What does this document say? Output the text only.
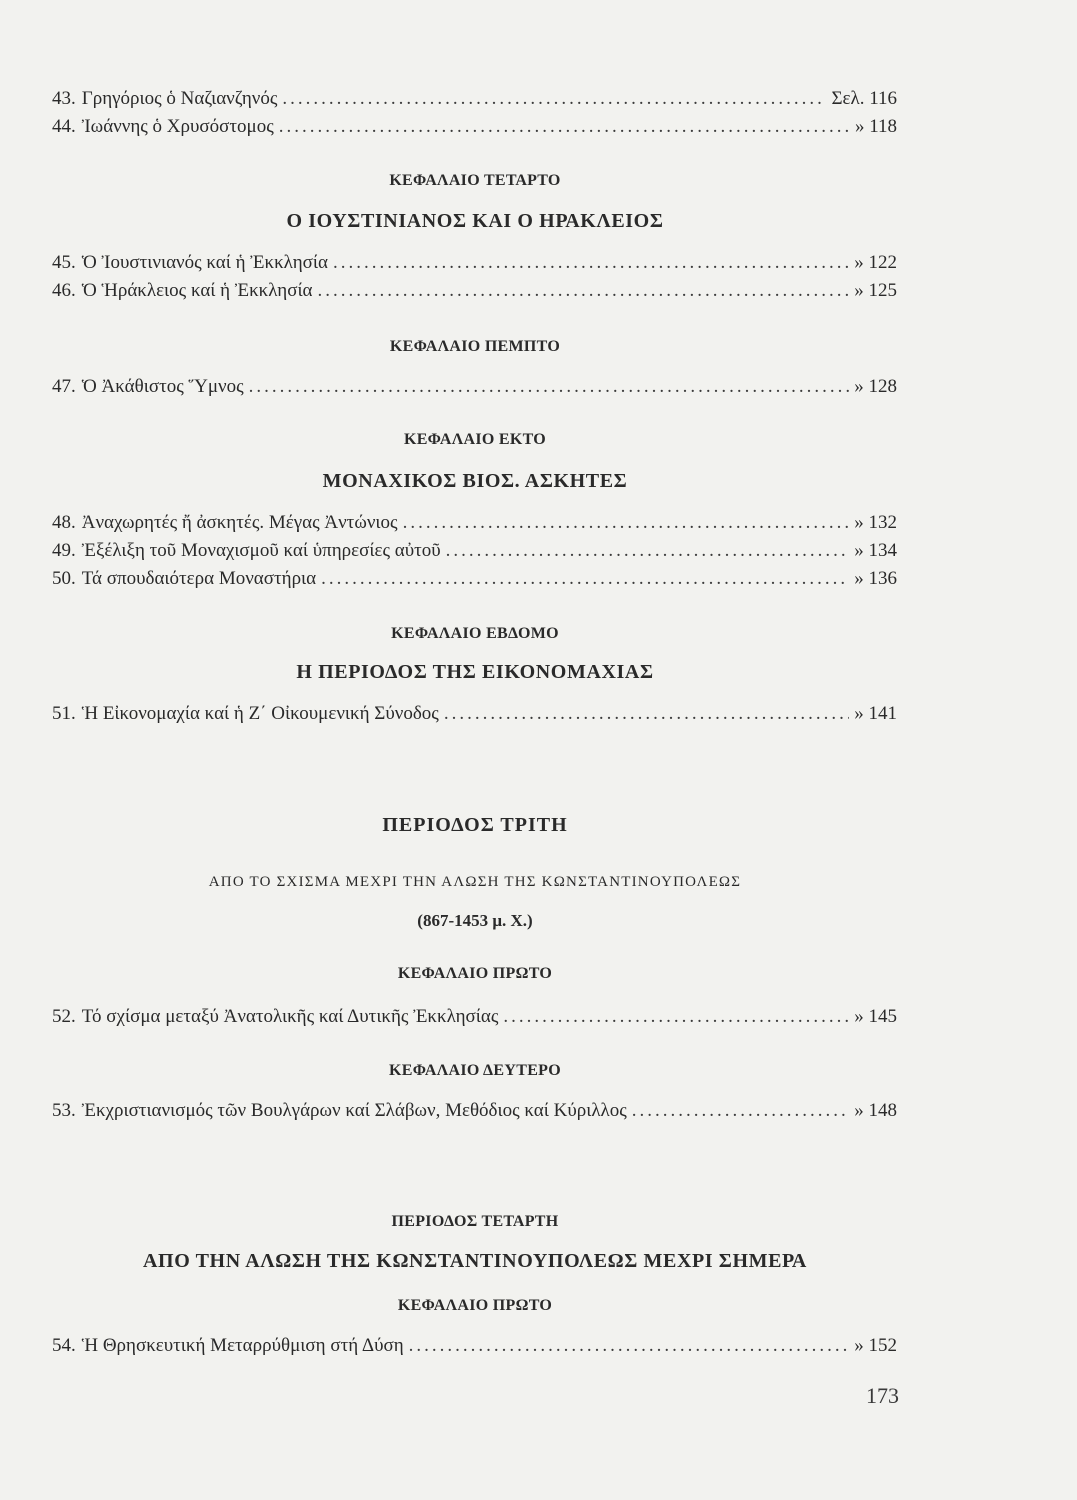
43. Γρηγόριος ὁ Ναζιανζηνός .....	Σελ. 116
44. Ἰωάννης ὁ Χρυσόστομος .....	» 118
ΚΕΦΑΛΑΙΟ ΤΕΤΑΡΤΟ
Ο ΙΟΥΣΤΙΝΙΑΝΟΣ ΚΑΙ Ο ΗΡΑΚΛΕΙΟΣ
45. Ὁ Ἰουστινιανός καί ἡ Ἐκκλησία .....	» 122
46. Ὁ Ἡράκλειος καί ἡ Ἐκκλησία .....	» 125
ΚΕΦΑΛΑΙΟ ΠΕΜΠΤΟ
47. Ὁ Ἀκάθιστος Ὕμνος .....	» 128
ΚΕΦΑΛΑΙΟ ΕΚΤΟ
ΜΟΝΑΧΙΚΟΣ ΒΙΟΣ. ΑΣΚΗΤΕΣ
48. Ἀναχωρητές ἤ ἀσκητές. Μέγας Ἀντώνιος .....	» 132
49. Ἐξέλιξη τοῦ Μοναχισμοῦ καί ὑπηρεσίες αὐτοῦ .....	» 134
50. Τά σπουδαιότερα Μοναστήρια .....	» 136
ΚΕΦΑΛΑΙΟ ΕΒΔΟΜΟ
Η ΠΕΡΙΟΔΟΣ ΤΗΣ ΕΙΚΟΝΟΜΑΧΙΑΣ
51. Ἡ Εἰκονομαχία καί ἡ Ζ΄ Οἰκουμενική Σύνοδος .....	» 141
ΠΕΡΙΟΔΟΣ ΤΡΙΤΗ
ΑΠΟ ΤΟ ΣΧΙΣΜΑ ΜΕΧΡΙ ΤΗΝ ΑΛΩΣΗ ΤΗΣ ΚΩΝΣΤΑΝΤΙΝΟΥΠΟΛΕΩΣ
(867-1453 μ. Χ.)
ΚΕΦΑΛΑΙΟ ΠΡΩΤΟ
52. Τό σχίσμα μεταξύ Ἀνατολικῆς καί Δυτικῆς Ἐκκλησίας .....	» 145
ΚΕΦΑΛΑΙΟ ΔΕΥΤΕΡΟ
53. Ἐκχριστιανισμός τῶν Βουλγάρων καί Σλάβων, Μεθόδιος καί Κύριλλος .....	» 148
ΠΕΡΙΟΔΟΣ ΤΕΤΑΡΤΗ
ΑΠΟ ΤΗΝ ΑΛΩΣΗ ΤΗΣ ΚΩΝΣΤΑΝΤΙΝΟΥΠΟΛΕΩΣ ΜΕΧΡΙ ΣΗΜΕΡΑ
ΚΕΦΑΛΑΙΟ ΠΡΩΤΟ
54. Ἡ Θρησκευτική Μεταρρύθμιση στή Δύση .....	» 152
173
